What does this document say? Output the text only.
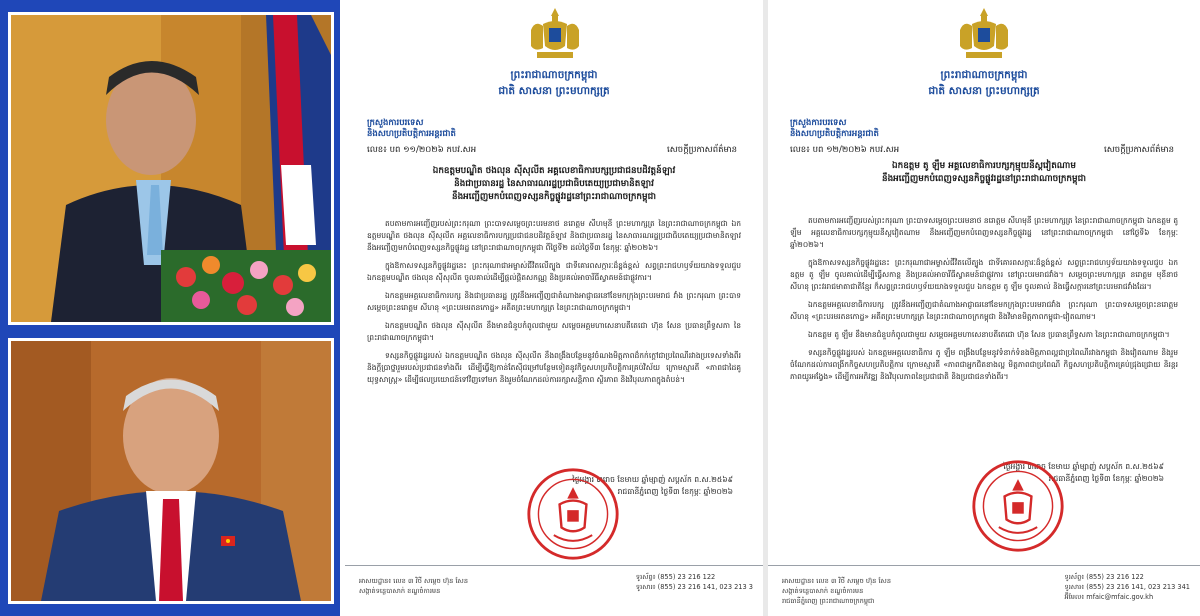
ព្រះរាជាណាចក្រកម្ពុជា
ជាតិ សាសនា ព្រះមហាក្សត្រ
ក្រសួងការបរទេស
និងសហប្រតិបត្តិការអន្តរជាតិ
លេខ៖ បព ១១/២០២៦ កបវ.សអ	សេចក្តីប្រកាសព័ត៌មាន
ឯកឧត្តមបណ្ឌិត ថងលុន ស៊ីសុលីត អគ្គលេខាធិការបក្សប្រជាជនបដិវត្តន៍ឡាវ
និងជាប្រធានរដ្ឋ នៃសាធារណរដ្ឋប្រជាធិបតេយ្យប្រជាមានិតឡាវ
នឹងអញ្ជើញមកបំពេញទស្សនកិច្ចផ្លូវរដ្ឋនៅព្រះរាជាណាចក្រកម្ពុជា

តបតាមការអញ្ជើញរបស់ព្រះករុណា ព្រះបាទសម្តេចព្រះបរមនាថ នរោត្តម សីហមុនី ព្រះមហាក្សត្រ នៃព្រះរាជាណាចក្រកម្ពុជា ឯកឧត្តមបណ្ឌិត ថងលុន ស៊ីសុលីត អគ្គលេខាធិការបក្សប្រជាជនបដិវត្តន៍ឡាវ និងជាប្រធានរដ្ឋ នៃសាធារណរដ្ឋប្រជាធិបតេយ្យប្រជាមានិតឡាវ នឹងអញ្ជើញមកបំពេញទស្សនកិច្ចផ្លូវរដ្ឋ នៅព្រះរាជាណាចក្រកម្ពុជា ពីថ្ងៃទី២ ដល់ថ្ងៃទី៣ ខែកុម្ភៈ ឆ្នាំ២០២៦។

ក្នុងឱកាសទស្សនកិច្ចផ្លូវរដ្ឋនេះ ព្រះករុណាជាអម្ចាស់ជីវិតលើត្បូង ជាទីគោរពសក្ការៈដ៏ខ្ពង់ខ្ពស់ សព្វព្រះរាជហឫទ័យយាងទទួលជួប ឯកឧត្តមបណ្ឌិត ថងលុន ស៊ីសុលីត ចូលគាល់ដើម្បីផ្តល់ផ្តិតសកណ្ណ និងប្រគល់អាចារីធីស្វាគមន៍ជាផ្លូវការ។

ឯកឧត្តមអគ្គលេខាធិការបក្ស និងជាប្រធានរដ្ឋ ត្រូវនឹងអញ្ជើញជាតំណាងអាជ្ញាធរនៅខែមកក្រុងព្រះបរមរាជ វាំង ព្រះករុណា ព្រះបាទសម្តេចព្រះនរោត្តម សីហនុ «ព្រះបរមរតនកោដ្ឋ» អតីតព្រះមហាក្សត្រ នៃព្រះរាជាណាចក្រកម្ពុជា។

ឯកឧត្តមបណ្ឌិត ថងលុន ស៊ីសុលីត នឹងមានជំនួបកំពូលជាមួយ សម្តេចអគ្គមហាសេនាបតីតេជោ ហ៊ុន សែន ប្រធានព្រឹទ្ធសភា នៃព្រះរាជាណាចក្រកម្ពុជា។

ទស្សនកិច្ចផ្លូវរដ្ឋរបស់ ឯកឧត្តមបណ្ឌិត ថងលុន ស៊ីសុលីត នឹងពង្រឹងបន្ថែមនូវចំណងមិត្តភាពដ៏កក់ក្តៅជាប្រពៃណីរវាងប្រទេសទាំងពីរ និងក្តីប្រាថ្នារួមរបស់ប្រជាជនទាំងពីរ ដើម្បីធ្វើឱ្យកាន់តែស៊ីជម្រៅបន្ថែមទៀតនូវកិច្ចសហប្រតិបត្តិការគ្រប់វិស័យ ក្រោមស្មារតី «ភាពជាដៃគូយុទ្ធសាស្ត្រ» ដើម្បីផលប្រយោជន៍ទៅវិញទៅមក និងរួមចំណែកដល់ការរក្សាសន្តិភាព ស្ថិរភាព និងវិបុលភាពក្នុងតំបន់។

ថ្ងៃអង្គារ ៣រោច ខែមាឃ ឆ្នាំម្សាញ់ សប្តស័ក ព.ស.២៥៦៩
រាជធានីភ្នំពេញ ថ្ងៃទី៣ ខែកុម្ភៈ ឆ្នាំ២០២៦
អាសយដ្ឋាន៖ លេខ ៣ វិថី សម្តេច ហ៊ុន សែន
សង្កាត់ទន្លេបាសាក់ ខណ្ឌចំការមន
ទូរស័ព្ទ៖ (855) 23 216 122
ទូរសារ៖ (855) 23 216 141, 023 213 3
ព្រះរាជាណាចក្រកម្ពុជា
ជាតិ សាសនា ព្រះមហាក្សត្រ
ក្រសួងការបរទេស
និងសហប្រតិបត្តិការអន្តរជាតិ
លេខ៖ បព ១២/២០២៦ កបវ.សអ	សេចក្តីប្រកាសព័ត៌មាន
ឯកឧត្តម តូ ឡឹម អគ្គលេខាធិការបក្សកុម្មុយនីស្តវៀតណាម
នឹងអញ្ជើញមកបំពេញទស្សនកិច្ចផ្លូវរដ្ឋនៅព្រះរាជាណាចក្រកម្ពុជា

តបតាមការអញ្ជើញរបស់ព្រះករុណា ព្រះបាទសម្តេចព្រះបរមនាថ នរោត្តម សីហមុនី ព្រះមហាក្សត្រ នៃព្រះរាជាណាចក្រកម្ពុជា ឯកឧត្តម តូ ឡឹម អគ្គលេខាធិការបក្សកុម្មុយនីស្តវៀតណាម នឹងអញ្ជើញមកបំពេញទស្សនកិច្ចផ្លូវរដ្ឋ នៅព្រះរាជាណាចក្រកម្ពុជា នៅថ្ងៃទី៦ ខែកុម្ភៈ ឆ្នាំ២០២៦។

ក្នុងឱកាសទស្សនកិច្ចផ្លូវរដ្ឋនេះ ព្រះករុណាជាអម្ចាស់ជីវិតលើត្បូង ជាទីគោរពសក្ការៈដ៏ខ្ពង់ខ្ពស់ សព្វព្រះរាជហឫទ័យយាងទទួលជួប ឯកឧត្តម តូ ឡឹម ចូលគាល់ដើម្បីធ្វើសកាន្ត និងប្រគល់អាចារីធីស្វាគមន៍ជាផ្លូវការ នៅព្រះបរមរាជវាំង។ សម្តេចព្រះមហាក្សត្រ នរោត្តម មុនីនាថ សីហនុ ព្រះវររាជមាតាជាតិខ្មែរ ក៏សព្វព្រះរាជហឫទ័យយាងទទួលជួប ឯកឧត្តម តូ ឡឹម ចូលគាល់ និងធ្វើសក្ការនៅព្រះបរមរាជវាំងដែរ។

ឯកឧត្តមអគ្គលេខាធិការបក្ស ត្រូវនឹងអញ្ជើញជាតំណាងអាជ្ញាធរនៅខែមកក្រុងព្រះបរមរាជវាំង ព្រះករុណា ព្រះបាទសម្តេចព្រះនរោត្តម សីហនុ «ព្រះបរមរតនកោដ្ឋ» អតីតព្រះមហាក្សត្រ នៃព្រះរាជាណាចក្រកម្ពុជា និងវិមានមិត្តភាពកម្ពុជា-វៀតណាម។

ឯកឧត្តម តូ ឡឹម នឹងមានជំនួបកំពូលជាមួយ សម្តេចអគ្គមហាសេនាបតីតេជោ ហ៊ុន សែន ប្រធានព្រឹទ្ធសភា នៃព្រះរាជាណាចក្រកម្ពុជា។

ទស្សនកិច្ចផ្លូវរដ្ឋរបស់ ឯកឧត្តមអគ្គលេខាធិការ តូ ឡឹម ពង្រឹងបន្ថែមនូវទំនាក់ទំនងមិត្តភាពល្អជាប្រពៃណីរវាងកម្ពុជា និងវៀតណាម និងរួមចំណែកដល់ការពង្រីកកិច្ចសហប្រតិបត្តិការ ក្រោមស្មារតី «ភាពជាអ្នកជិតខាងល្អ មិត្តភាពជាប្រពៃណី កិច្ចសហប្រតិបត្តិការគ្រប់ជ្រុងជ្រោយ និរន្តរភាពយូរអង្វែង» ដើម្បីការអភិវឌ្ឍ និងវិបុលភាពនៃប្រជាជាតិ និងប្រជាជនទាំងពីរ។

ថ្ងៃអង្គារ ៣រោច ខែមាឃ ឆ្នាំម្សាញ់ សប្តស័ក ព.ស.២៥៦៩
រាជធានីភ្នំពេញ ថ្ងៃទី៣ ខែកុម្ភៈ ឆ្នាំ២០២៦
អាសយដ្ឋាន៖ លេខ ៣ វិថី សម្តេច ហ៊ុន សែន
សង្កាត់ទន្លេបាសាក់ ខណ្ឌចំការមន
រាជធានីភ្នំពេញ ព្រះរាជាណាចក្រកម្ពុជា
ទូរស័ព្ទ៖ (855) 23 216 122
ទូរសារ៖ (855) 23 216 141, 023 213 341
អ៊ីមែល៖ mfaic@mfaic.gov.kh
